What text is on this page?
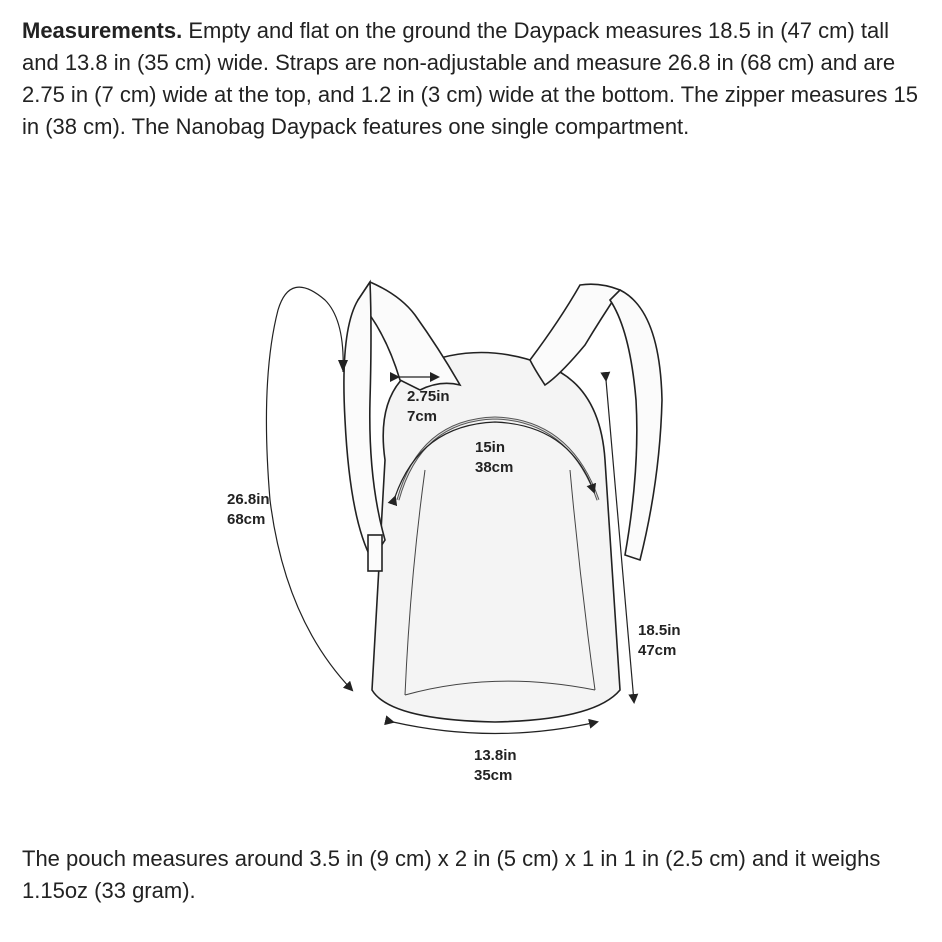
Measurements. Empty and flat on the ground the Daypack measures 18.5 in (47 cm) tall and 13.8 in (35 cm) wide. Straps are non-adjustable and measure 26.8 in (68 cm) and are 2.75 in (7 cm) wide at the top, and 1.2 in (3 cm) wide at the bottom. The zipper measures 15 in (38 cm). The Nanobag Daypack features one single compartment.

26.8in
68cm
2.75in
7cm
15in
38cm
18.5in
47cm
13.8in
35cm

The pouch measures around 3.5 in (9 cm) x 2 in (5 cm) x 1 in 1 in (2.5 cm) and it weighs 1.15oz (33 gram).
